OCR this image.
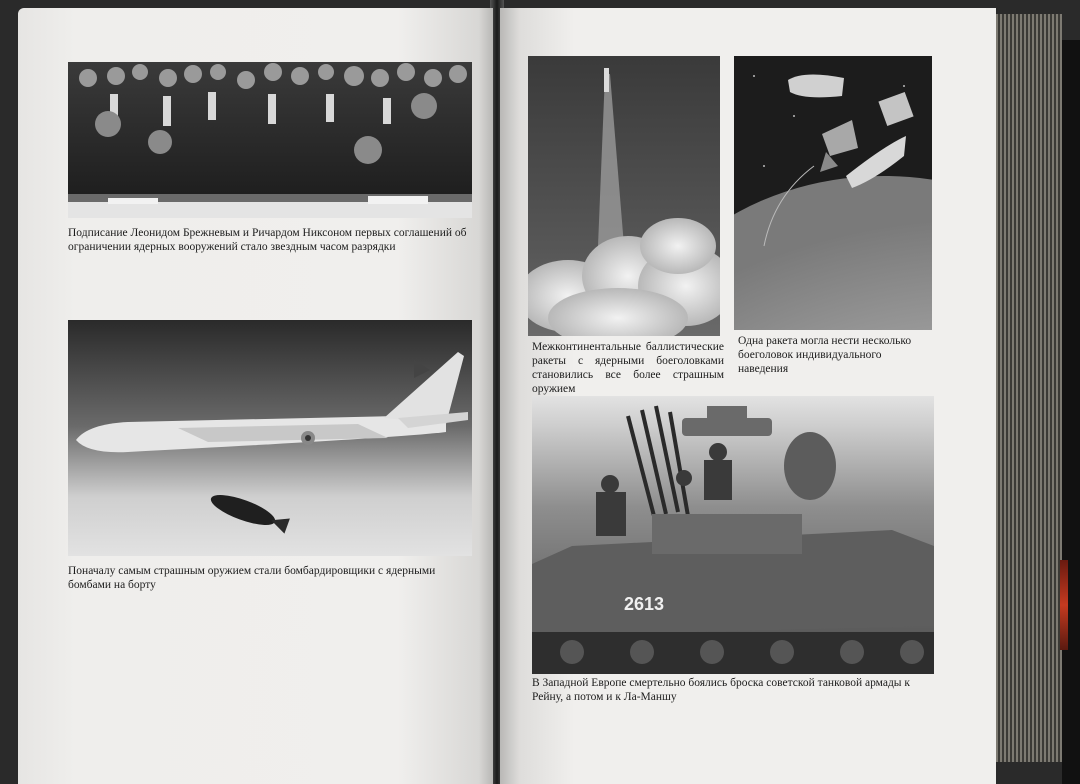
Подписание Леонидом Брежневым и Ричардом Никсоном первых соглашений об ограничении ядерных вооружений стало звездным часом разрядки

Поначалу самым страшным оружием стали бомбардировщики с ядерными бомбами на борту

Межконтинентальные баллистические ракеты с ядерными боеголовками становились все более страшным оружием

Одна ракета могла нести несколько боеголовок индивидуального наведения

2613

В Западной Европе смертельно боялись броска советской танковой армады к Рейну, а потом и к Ла-Маншу
